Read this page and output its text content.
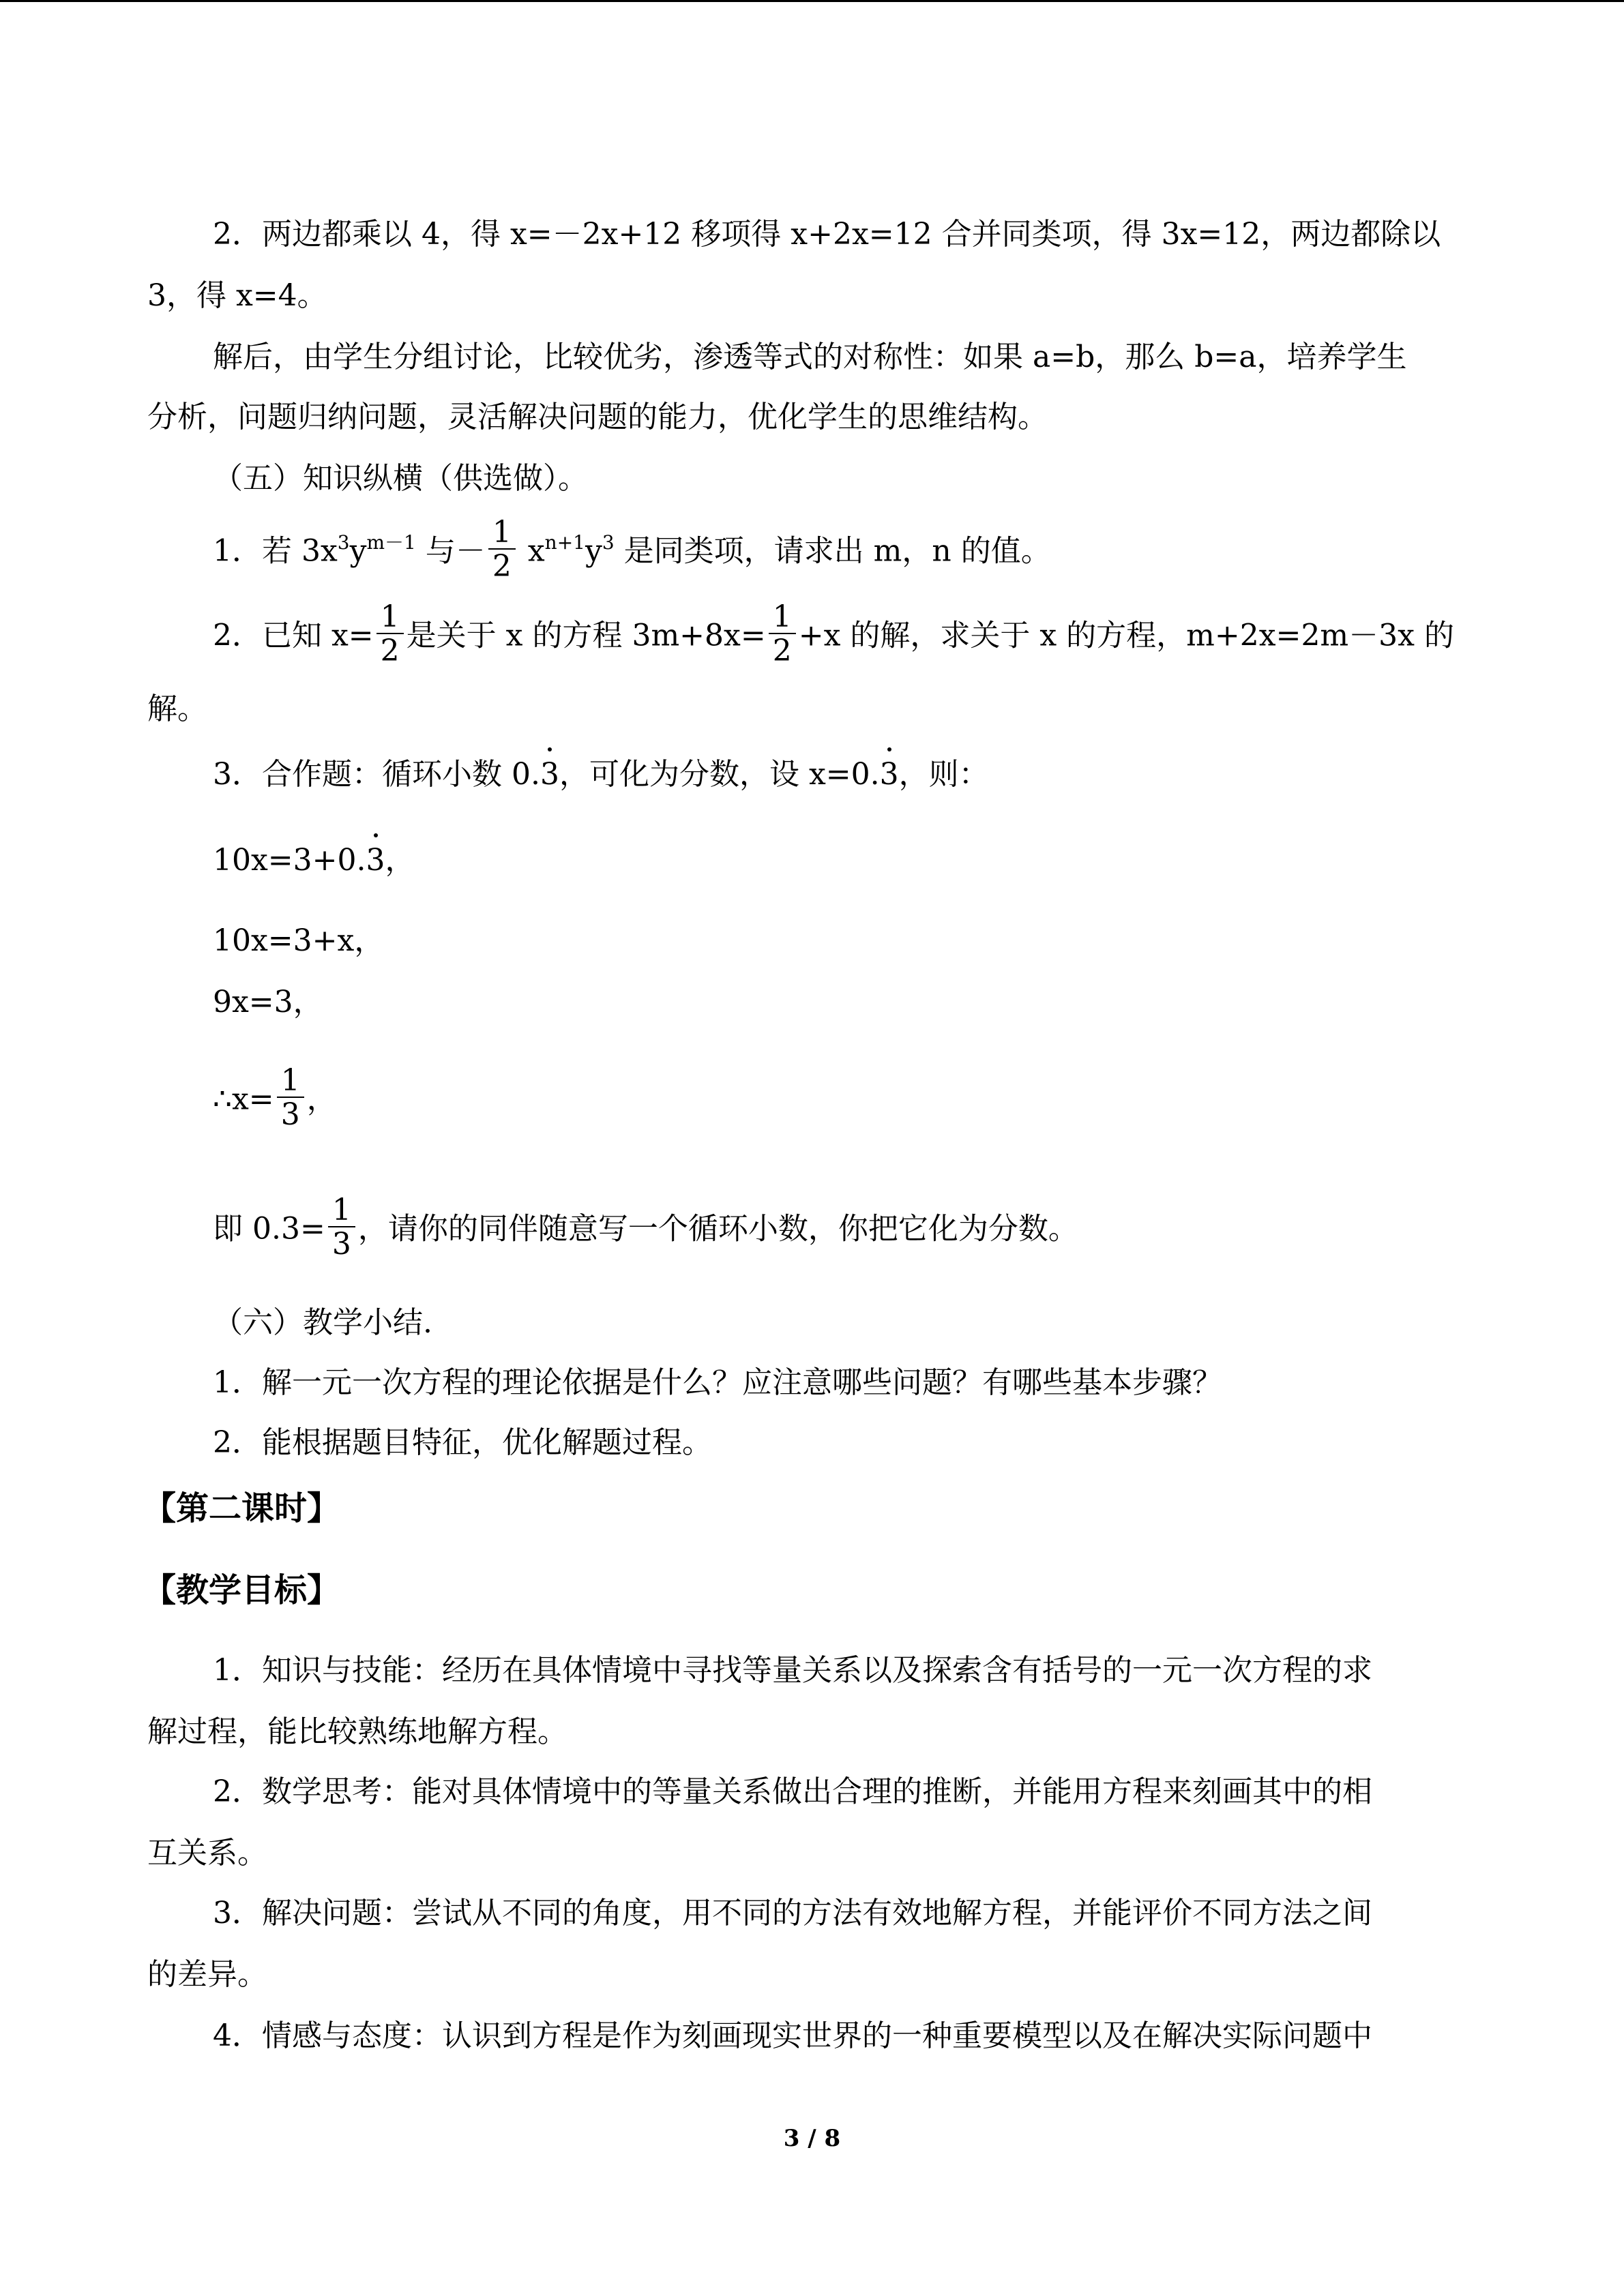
2．两边都乘以 4，得 x=－2x+12 移项得 x+2x=12 合并同类项，得 3x=12，两边都除以

3，得 x=4。

解后，由学生分组讨论，比较优劣，渗透等式的对称性：如果 a=b，那么 b=a，培养学生

分析，问题归纳问题，灵活解决问题的能力，优化学生的思维结构。

（五）知识纵横（供选做）。

1．若 $3x^3y^{m-1}$ 与－ $\frac{1}{2} x^{n+1}y^3$ 是同类项，请求出 m，n 的值。

2．已知 $x= \frac{1}{2}$ 是关于 x 的方程 $3m+8x= \frac{1}{2} +x$ 的解，求关于 x 的方程，m+2x=2m－3x 的

解。

3．合作题：循环小数 0.3，可化为分数，设 x=0.3，则：

10x=3+0.3，

10x=3+x，

9x=3，

∴x= $\frac{1}{3}$ ，

即 $0.3= \frac{1}{3}$ ，请你的同伴随意写一个循环小数，你把它化为分数。

（六）教学小结.

1．解一元一次方程的理论依据是什么？应注意哪些问题？有哪些基本步骤？

2．能根据题目特征，优化解题过程。

【第二课时】

【教学目标】

1．知识与技能：经历在具体情境中寻找等量关系以及探索含有括号的一元一次方程的求

解过程，能比较熟练地解方程。

2．数学思考：能对具体情境中的等量关系做出合理的推断，并能用方程来刻画其中的相

互关系。

3．解决问题：尝试从不同的角度，用不同的方法有效地解方程，并能评价不同方法之间

的差异。

4．情感与态度：认识到方程是作为刻画现实世界的一种重要模型以及在解决实际问题中

3 / 8
